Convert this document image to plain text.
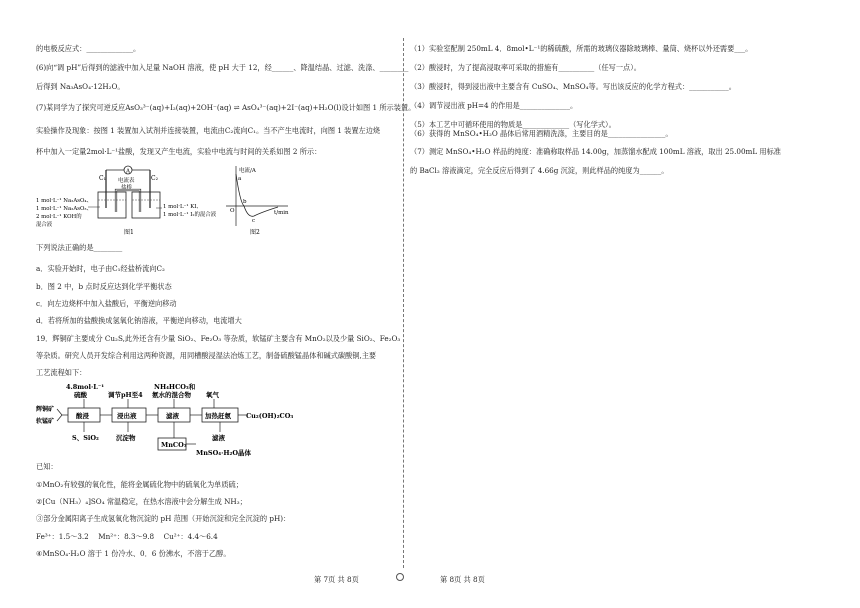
的电极反应式：_____________。
(6)向“调 pH”后得到的滤液中加入足量 NaOH 溶液，使 pH 大于 12，经______、降温结晶、过滤、洗涤、________
后得到 Na₃AsO₄·12H₂O。
(7)某同学为了探究可逆反应AsO₃³⁻(aq)+I₂(aq)+2OH⁻(aq) ⇌ AsO₄³⁻(aq)+2I⁻(aq)+H₂O(l)设计如图 1 所示装置。
实验操作及现象：按图 1 装置加入试剂并连接装置，电流由C₂流向C₁。当不产生电流时，向图 1 装置左边烧
杯中加入一定量2mol·L⁻¹盐酸，发现又产生电流，实验中电流与时间的关系如图 2 所示：
A
C₁	C₂
电流表
盐桥
1 mol·L⁻¹ Na₃AsO₄、
1 mol·L⁻¹ Na₃AsO₃、
2 mol·L⁻¹ KOH的
混合液
1 mol·L⁻¹ KI、
1 mol·L⁻¹ I₂的混合液
图1
电流/A
t/min
O
a
b
c
图2
下列说法正确的是________
a．实验开始时，电子由C₁经盐桥流向C₂
b．图 2 中，b 点时反应达到化学平衡状态
c．向左边烧杯中加入盐酸后，平衡逆向移动
d．若将所加的盐酸换成氢氧化钠溶液，平衡逆向移动，电流增大
19．辉铜矿主要成分 Cu₂S,此外还含有少量 SiO₂、Fe₂O₃ 等杂质，软锰矿主要含有 MnO₂以及少量 SiO₂、Fe₂O₃
等杂质。研究人员开发综合利用这两种资源，用同槽酸浸湿法冶炼工艺，制备硫酸锰晶体和碱式碳酸铜,主要
工艺流程如下：
4.8mol·L⁻¹
硫酸	调节pH至4
NH₄HCO₃和
氨水的混合物 氧气
辉铜矿
软锰矿
酸浸	浸出液	滤液	加热赶氨 Cu₂(OH)₂CO₃
S、SiO₂	沉淀物
MnCO₃
滤液
MnSO₄·H₂O晶体
已知：
①MnO₂有较强的氧化性，能将金属硫化物中的硫氧化为单质硫；
②[Cu（NH₃）₄]SO₄ 常温稳定，在热水溶液中会分解生成 NH₃；
③部分金属阳离子生成氢氧化物沉淀的 pH 范围（开始沉淀和完全沉淀的 pH)：
Fe³⁺：1.5～3.2　 Mn²⁺：8.3～9.8　 Cu²⁺：4.4～6.4
④MnSO₄·H₂O 溶于 1 份冷水、0．6 份沸水，不溶于乙醇。
（1）实验室配制 250mL 4．8mol•L⁻¹的稀硫酸，所需的玻璃仪器除玻璃棒、量筒、烧杯以外还需要___。
（2）酸浸时，为了提高浸取率可采取的措施有__________（任写一点）。
（3）酸浸时，得到浸出液中主要含有 CuSO₄、MnSO₄等。写出该反应的化学方程式：___________。
（4）调节浸出液 pH=4 的作用是______________。
（5）本工艺中可循环使用的物质是_____________（写化学式）。
（6）获得的 MnSO₄•H₂O 晶体后常用酒精洗涤，主要目的是________________。
（7）测定 MnSO₄•H₂O 样品的纯度：准确称取样品 14.00g，加蒸馏水配成 100mL 溶液，取出 25.00mL 用标准
的 BaCl₂ 溶液滴定，完全反应后得到了 4.66g 沉淀，则此样品的纯度为______。
第 7页 共 8页	第 8页 共 8页
